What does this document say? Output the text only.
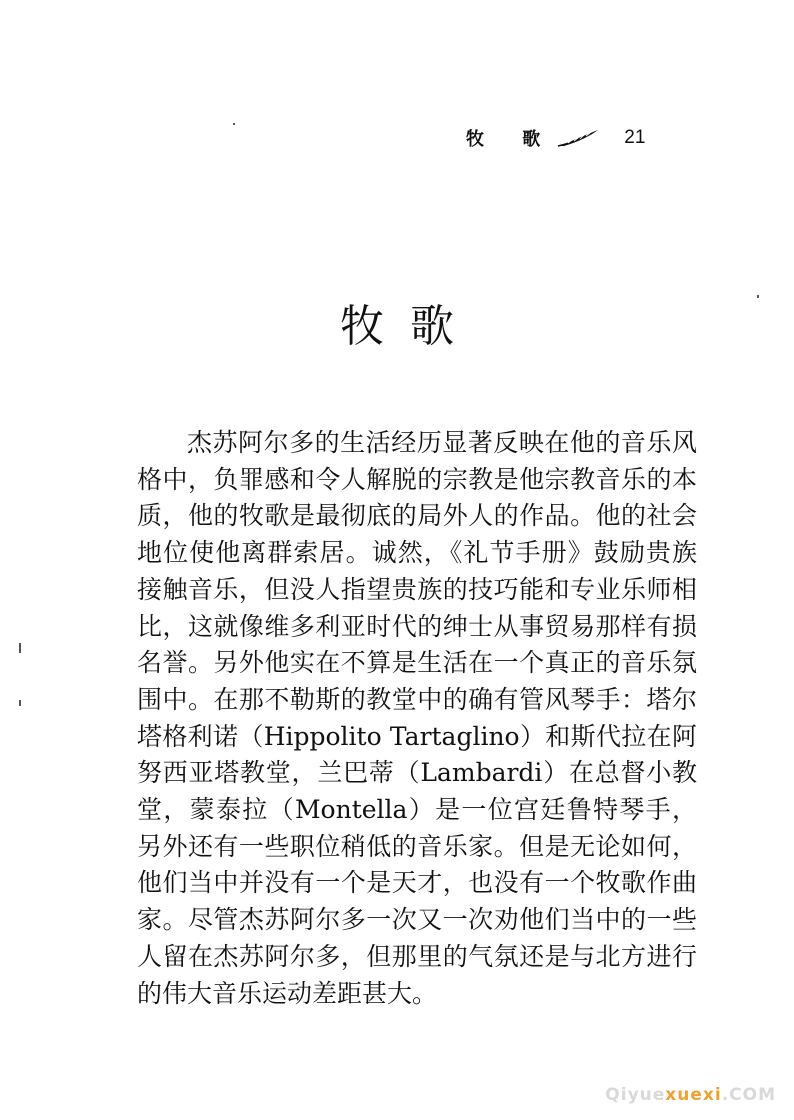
牧 歌	21
牧歌

杰苏阿尔多的生活经历显著反映在他的音乐风格中，负罪感和令人解脱的宗教是他宗教音乐的本质，他的牧歌是最彻底的局外人的作品。他的社会地位使他离群索居。诚然，《礼节手册》鼓励贵族接触音乐，但没人指望贵族的技巧能和专业乐师相比，这就像维多利亚时代的绅士从事贸易那样有损名誉。另外他实在不算是生活在一个真正的音乐氛围中。在那不勒斯的教堂中的确有管风琴手：塔尔塔格利诺（Hippolito Tartaglino）和斯代拉在阿努西亚塔教堂，兰巴蒂（Lambardi）在总督小教堂，蒙泰拉（Montella）是一位宫廷鲁特琴手，另外还有一些职位稍低的音乐家。但是无论如何，他们当中并没有一个是天才，也没有一个牧歌作曲家。尽管杰苏阿尔多一次又一次劝他们当中的一些人留在杰苏阿尔多，但那里的气氛还是与北方进行的伟大音乐运动差距甚大。

Qiyuexuexi.COM
